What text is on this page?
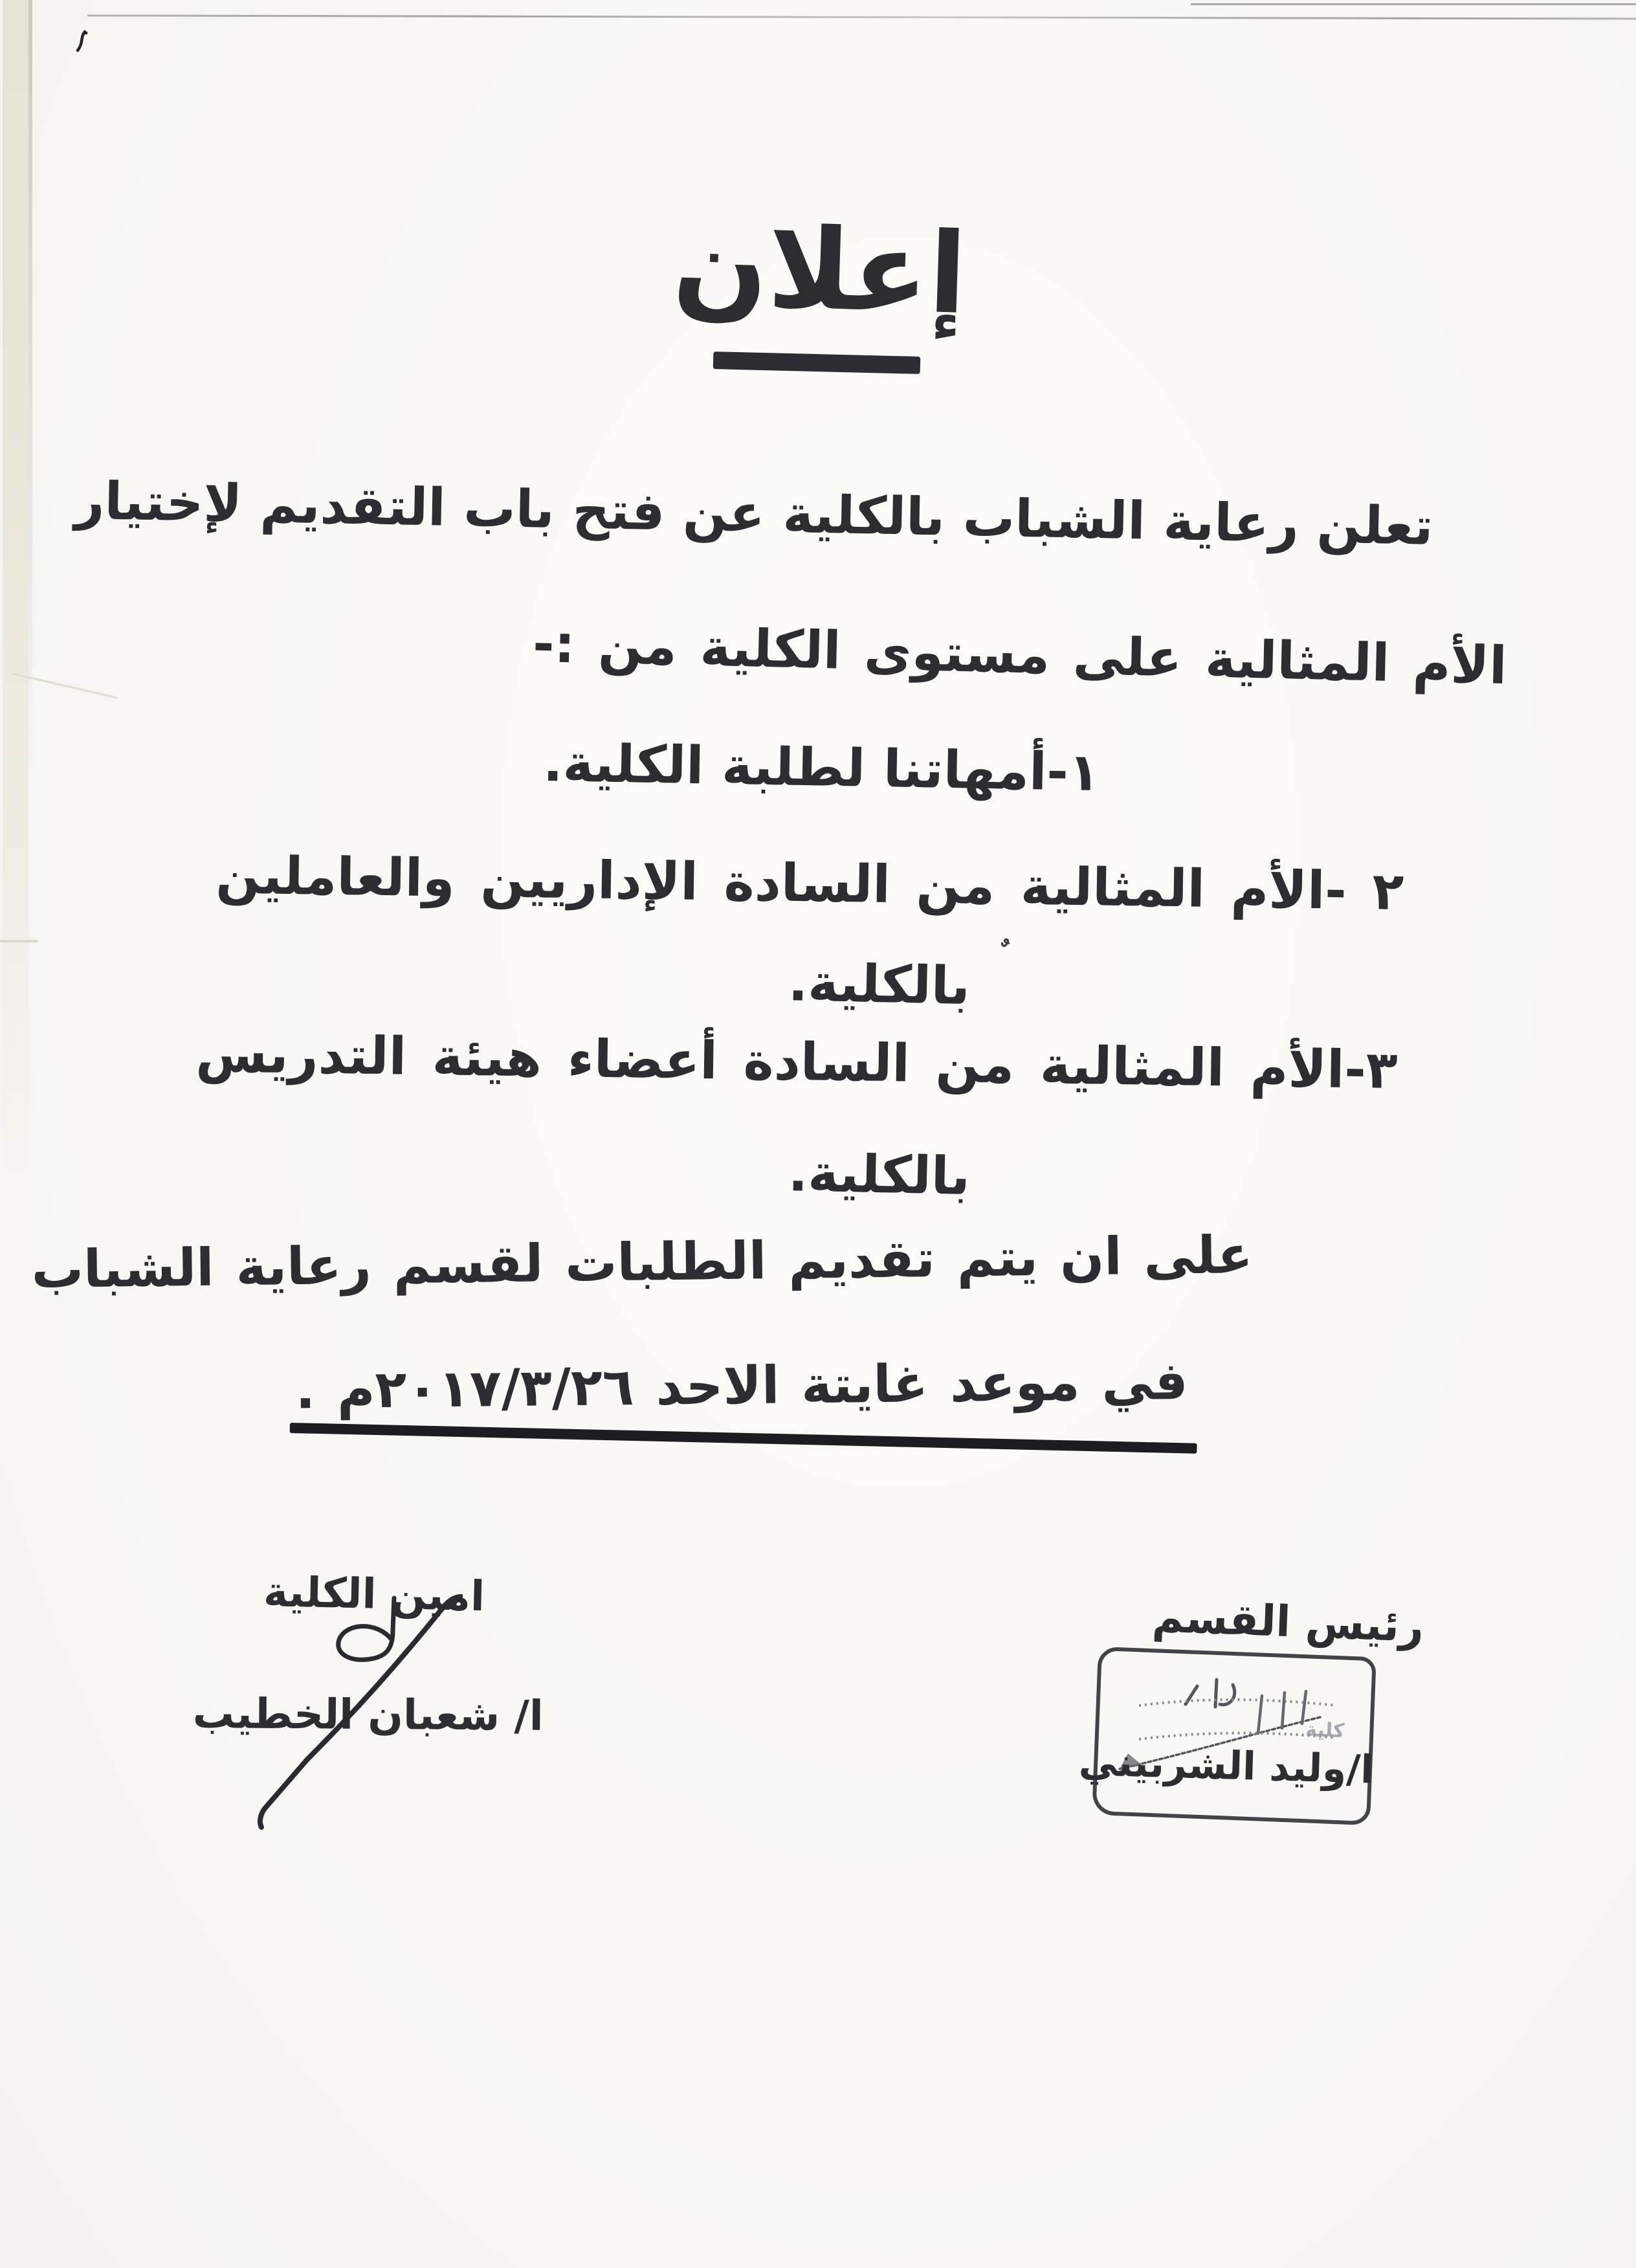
إعلان
تعلن رعاية الشباب بالكلية عن فتح باب التقديم لإختيار
الأم المثالية على مستوى الكلية من :-
١-أمهاتنا لطلبة الكلية.
٢ -الأم المثالية من السادة الإداريين والعاملين
بالكلية.
٣-الأم المثالية من السادة أعضاء هيئة التدريس
بالكلية.
على ان يتم تقديم الطلبات لقسم رعاية الشباب
في موعد غايتة الاحد ٢٠١٧/٣/٢٦م .
امين الكلية
ا/ شعبان الخطيب
رئيس القسم
كلية
ا/وليد الشربيني
